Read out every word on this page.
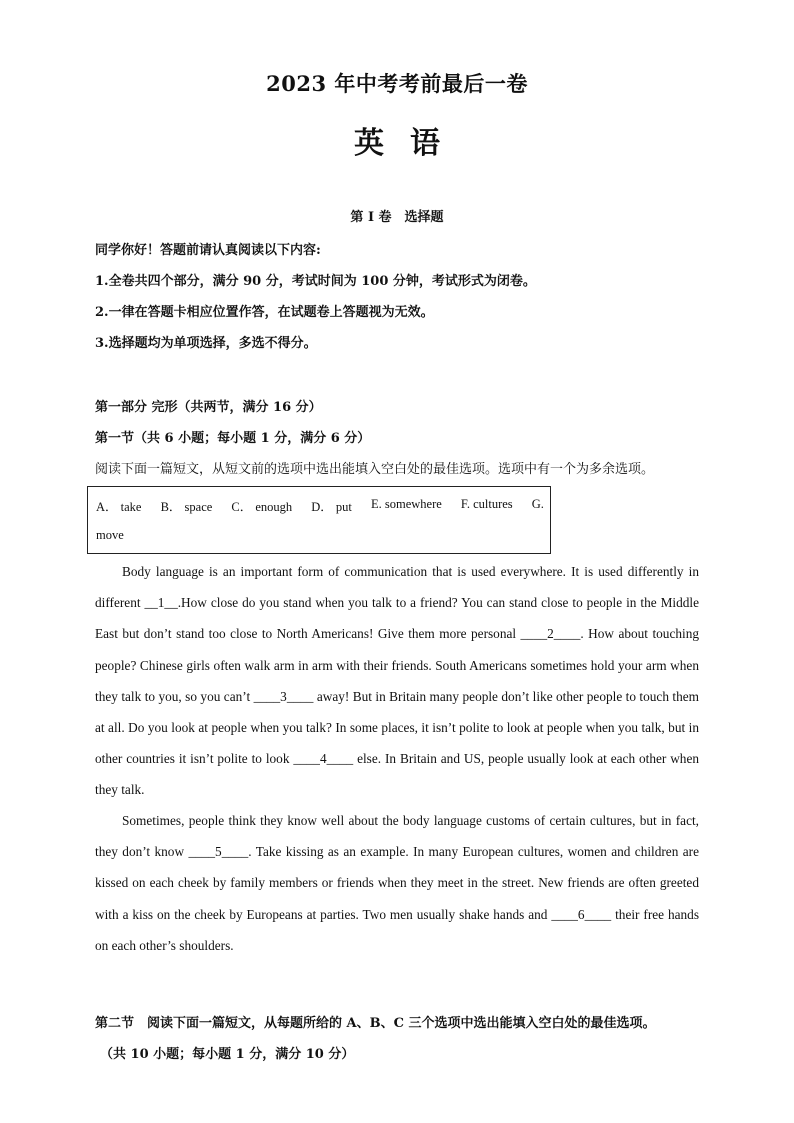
2023 年中考考前最后一卷
英语
第 I 卷　选择题
同学你好！答题前请认真阅读以下内容:
1.全卷共四个部分，满分 90 分，考试时间为 100 分钟，考试形式为闭卷。
2.一律在答题卡相应位置作答，在试题卷上答题视为无效。
3.选择题均为单项选择，多选不得分。
第一部分 完形（共两节，满分 16 分）
第一节（共 6 小题；每小题 1 分，满分 6 分）
阅读下面一篇短文，从短文前的选项中选出能填入空白处的最佳选项。选项中有一个为多余选项。
A． take B． space C． enough D． put E. somewhere F. cultures G.
move

Body language is an important form of communication that is used everywhere. It is used differently in different __1__.How close do you stand when you talk to a friend? You can stand close to people in the Middle East but don’t stand too close to North Americans! Give them more personal ____2____. How about touching people? Chinese girls often walk arm in arm with their friends. South Americans sometimes hold your arm when they talk to you, so you can’t ____3____ away! But in Britain many people don’t like other people to touch them at all. Do you look at people when you talk? In some places, it isn’t polite to look at people when you talk, but in other countries it isn’t polite to look ____4____ else. In Britain and US, people usually look at each other when they talk.

Sometimes, people think they know well about the body language customs of certain cultures, but in fact, they don’t know ____5____. Take kissing as an example. In many European cultures, women and children are kissed on each cheek by family members or friends when they meet in the street. New friends are often greeted with a kiss on the cheek by Europeans at parties. Two men usually shake hands and ____6____ their free hands on each other’s shoulders.

第二节　阅读下面一篇短文，从每题所给的 A、B、C 三个选项中选出能填入空白处的最佳选项。
（共 10 小题；每小题 1 分，满分 10 分）
